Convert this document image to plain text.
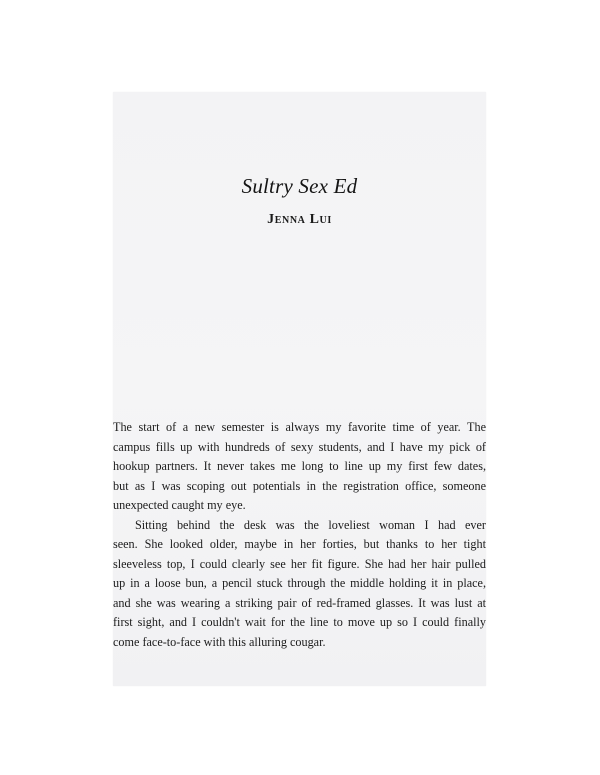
Sultry Sex Ed
Jenna Lui
The start of a new semester is always my favorite time of year. The
campus fills up with hundreds of sexy students, and I have my pick of
hookup partners. It never takes me long to line up my first few dates,
but as I was scoping out potentials in the registration office, someone
unexpected caught my eye.
Sitting behind the desk was the loveliest woman I had ever
seen. She looked older, maybe in her forties, but thanks to her tight
sleeveless top, I could clearly see her fit figure. She had her hair pulled
up in a loose bun, a pencil stuck through the middle holding it in place,
and she was wearing a striking pair of red-framed glasses. It was lust at
first sight, and I couldn't wait for the line to move up so I could finally
come face-to-face with this alluring cougar.
